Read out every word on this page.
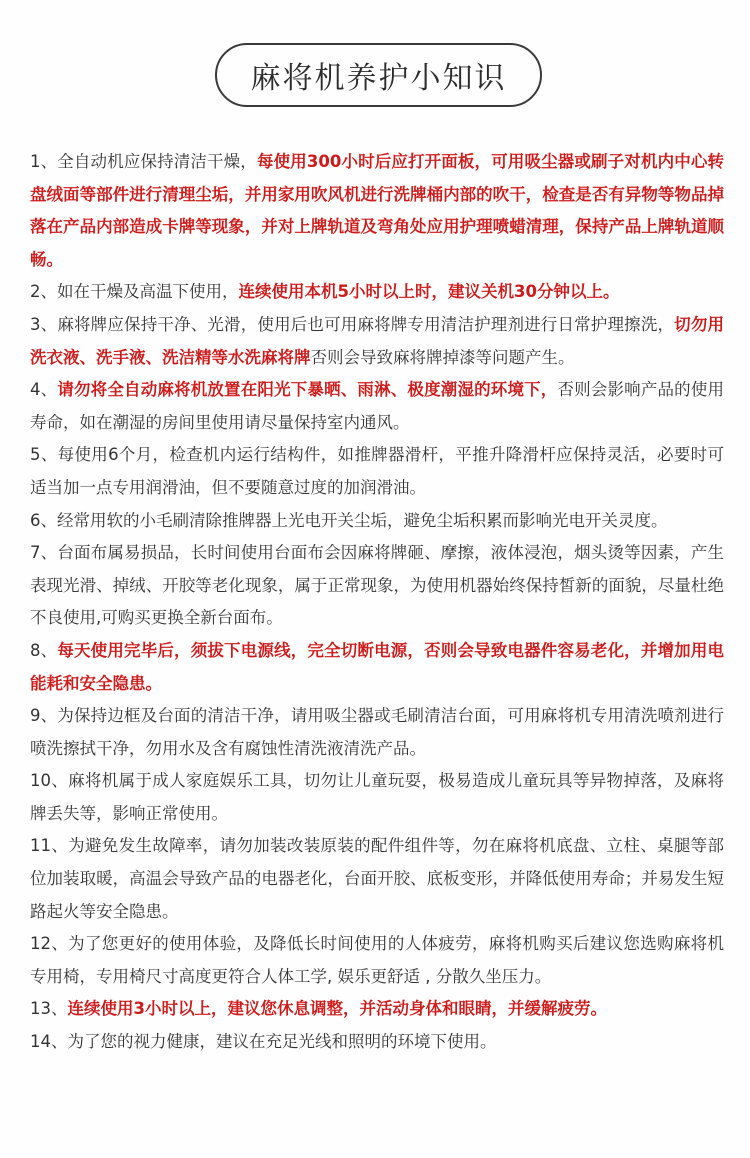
麻将机养护小知识
1、全自动机应保持清洁干燥，每使用300小时后应打开面板，可用吸尘器或刷子对机内中心转盘绒面等部件进行清理尘垢，并用家用吹风机进行洗牌桶内部的吹干，检查是否有异物等物品掉落在产品内部造成卡牌等现象，并对上牌轨道及弯角处应用护理喷蜡清理，保持产品上牌轨道顺畅。
2、如在干燥及高温下使用，连续使用本机5小时以上时，建议关机30分钟以上。
3、麻将牌应保持干净、光滑，使用后也可用麻将牌专用清洁护理剂进行日常护理擦洗，切勿用洗衣液、洗手液、洗洁精等水洗麻将牌否则会导致麻将牌掉漆等问题产生。
4、请勿将全自动麻将机放置在阳光下暴晒、雨淋、极度潮湿的环境下，否则会影响产品的使用寿命，如在潮湿的房间里使用请尽量保持室内通风。
5、每使用6个月，检查机内运行结构件，如推牌器滑杆，平推升降滑杆应保持灵活，必要时可适当加一点专用润滑油，但不要随意过度的加润滑油。
6、经常用软的小毛刷清除推牌器上光电开关尘垢，避免尘垢积累而影响光电开关灵度。
7、台面布属易损品，长时间使用台面布会因麻将牌砸、摩擦，液体浸泡，烟头烫等因素，产生表现光滑、掉绒、开胶等老化现象，属于正常现象，为使用机器始终保持皙新的面貌，尽量杜绝不良使用,可购买更换全新台面布。
8、每天使用完毕后，须拔下电源线，完全切断电源，否则会导致电器件容易老化，并增加用电能耗和安全隐患。
9、为保持边框及台面的清洁干净，请用吸尘器或毛刷清洁台面，可用麻将机专用清洗喷剂进行喷洗擦拭干净，勿用水及含有腐蚀性清洗液清洗产品。
10、麻将机属于成人家庭娱乐工具，切勿让儿童玩耍，极易造成儿童玩具等异物掉落，及麻将牌丢失等，影响正常使用。
11、为避免发生故障率，请勿加装改装原装的配件组件等，勿在麻将机底盘、立柱、桌腿等部位加装取暖，高温会导致产品的电器老化，台面开胶、底板变形，并降低使用寿命；并易发生短路起火等安全隐患。
12、为了您更好的使用体验，及降低长时间使用的人体疲劳，麻将机购买后建议您选购麻将机专用椅，专用椅尺寸高度更符合人体工学, 娱乐更舒适 , 分散久坐压力。
13、连续使用3小时以上，建议您休息调整，并活动身体和眼睛，并缓解疲劳。
14、为了您的视力健康，建议在充足光线和照明的环境下使用。
